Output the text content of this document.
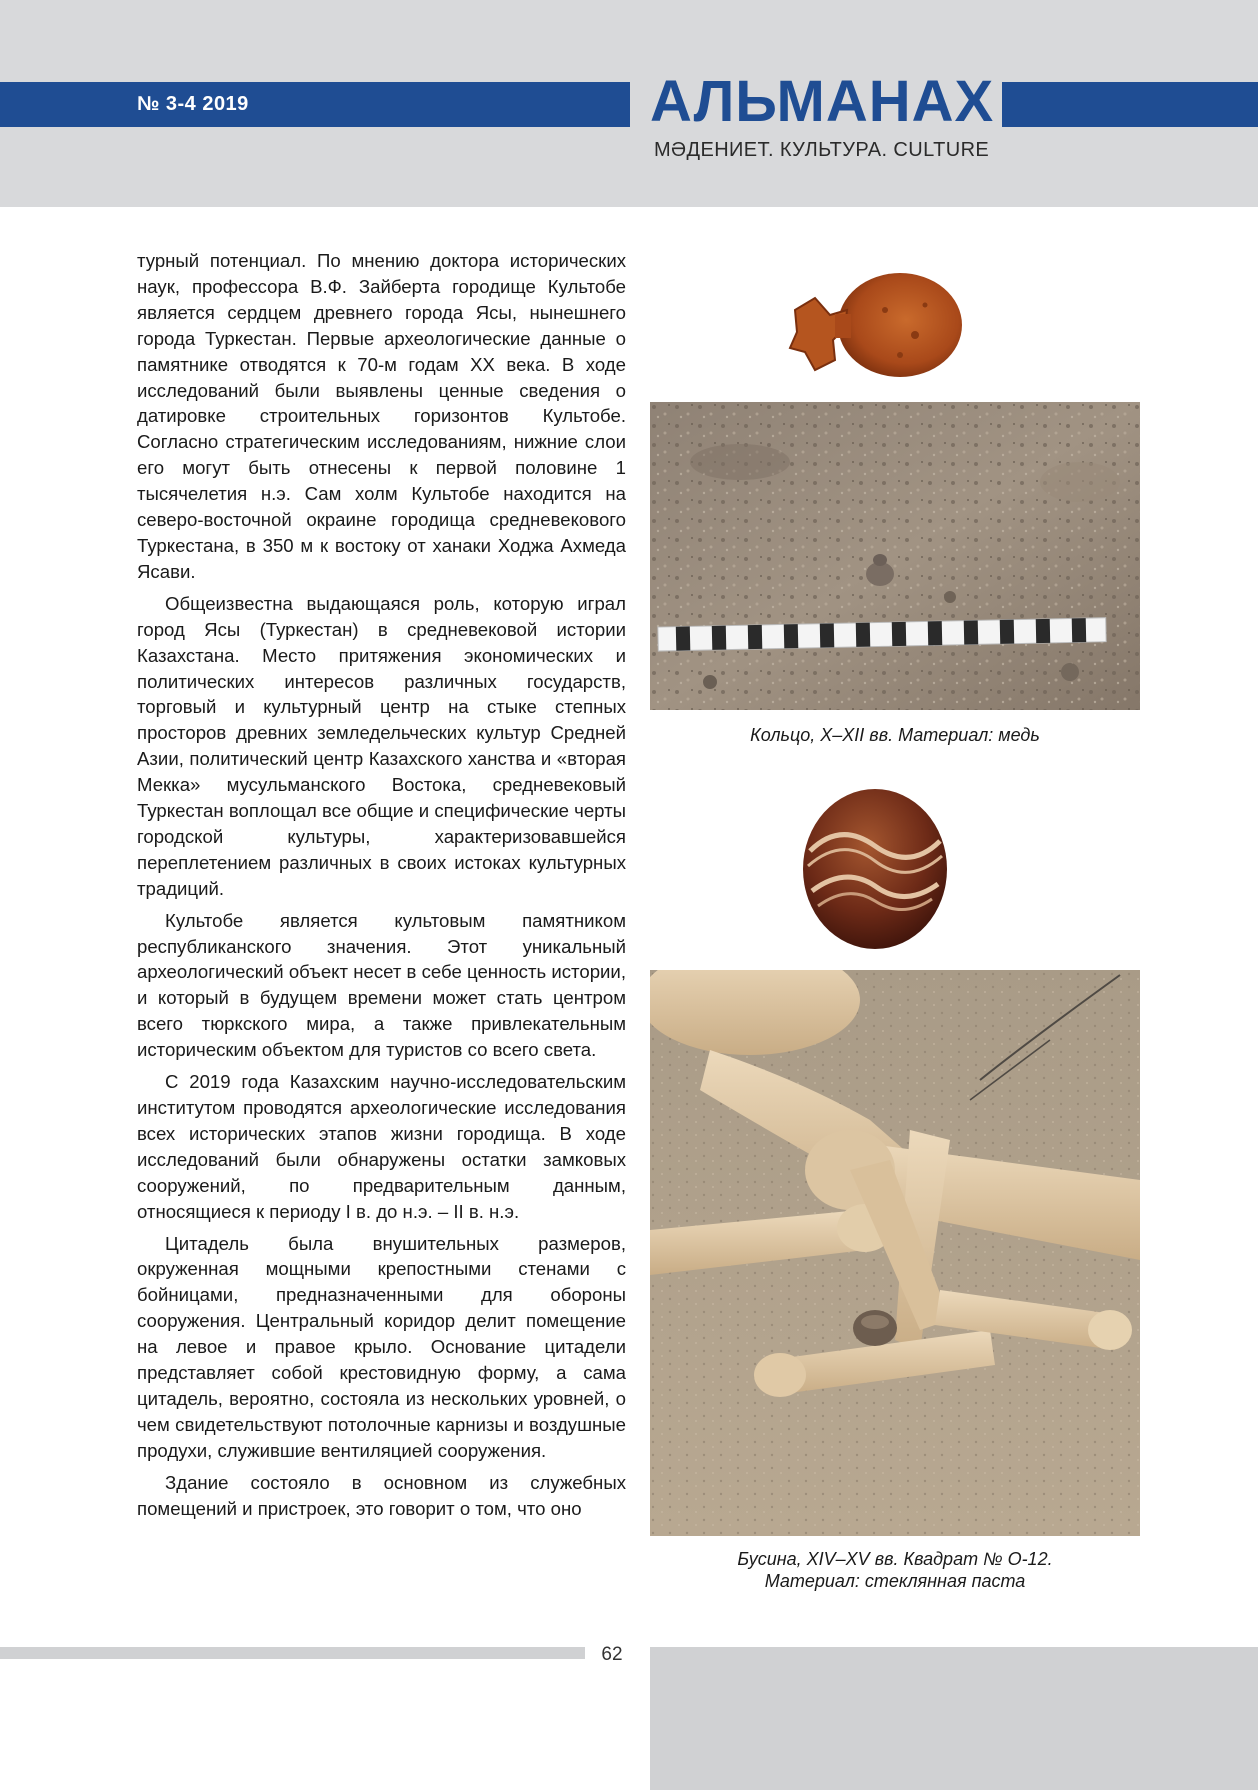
№ 3-4 2019	АЛЬМАНАХ
МӘДЕНИЕТ. КУЛЬТУРА. CULTURE

турный потенциал. По мнению доктора исторических наук, профессора В.Ф. Зайберта городище Культобе является сердцем древнего города Ясы, нынешнего города Туркестан. Первые археологические данные о памятнике отводятся к 70-м годам XX века. В ходе исследований были выявлены ценные сведения о датировке строительных горизонтов Культобе. Согласно стратегическим исследованиям, нижние слои его могут быть отнесены к первой половине 1 тысячелетия н.э. Сам холм Культобе находится на северо-восточной окраине городища средневекового Туркестана, в 350 м к востоку от ханаки Ходжа Ахмеда Ясави.

Общеизвестна выдающаяся роль, которую играл город Ясы (Туркестан) в средневековой истории Казахстана. Место притяжения экономических и политических интересов различных государств, торговый и культурный центр на стыке степных просторов древних земледельческих культур Средней Азии, политический центр Казахского ханства и «вторая Мекка» мусульманского Востока, средневековый Туркестан воплощал все общие и специфические черты городской культуры, характеризовавшейся переплетением различных в своих истоках культурных традиций.

Культобе является культовым памятником республиканского значения. Этот уникальный археологический объект несет в себе ценность истории, и который в будущем времени может стать центром всего тюркского мира, а также привлекательным историческим объектом для туристов со всего света.

С 2019 года Казахским научно-исследовательским институтом проводятся археологические исследования всех исторических этапов жизни городища. В ходе исследований были обнаружены остатки замковых сооружений, по предварительным данным, относящиеся к периоду I в. до н.э. – II в. н.э.

Цитадель была внушительных размеров, окруженная мощными крепостными стенами с бойницами, предназначенными для обороны сооружения. Центральный коридор делит помещение на левое и правое крыло. Основание цитадели представляет собой крестовидную форму, а сама цитадель, вероятно, состояла из нескольких уровней, о чем свидетельствуют потолочные карнизы и воздушные продухи, служившие вентиляцией сооружения.

Здание состояло в основном из служебных помещений и пристроек, это говорит о том, что оно

Кольцо, X–XII вв. Материал: медь
Бусина, XIV–XV вв. Квадрат № O-12.
Материал: стеклянная паста
62
